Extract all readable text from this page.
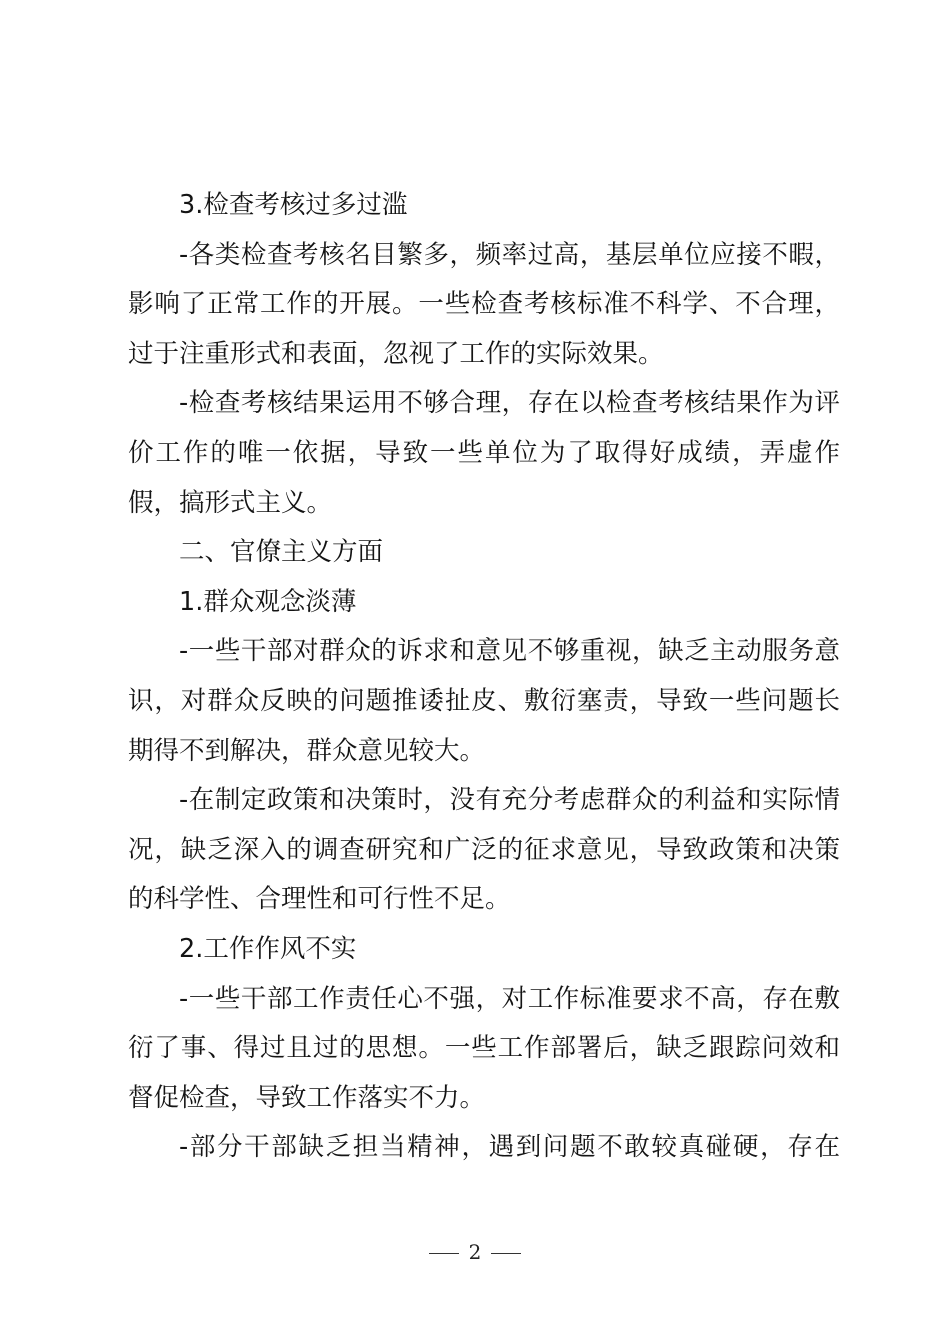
3.检查考核过多过滥

-各类检查考核名目繁多，频率过高，基层单位应接不暇，影响了正常工作的开展。一些检查考核标准不科学、不合理，过于注重形式和表面，忽视了工作的实际效果。

-检查考核结果运用不够合理，存在以检查考核结果作为评价工作的唯一依据，导致一些单位为了取得好成绩，弄虚作假，搞形式主义。

二、官僚主义方面

1.群众观念淡薄

-一些干部对群众的诉求和意见不够重视，缺乏主动服务意识，对群众反映的问题推诿扯皮、敷衍塞责，导致一些问题长期得不到解决，群众意见较大。

-在制定政策和决策时，没有充分考虑群众的利益和实际情况，缺乏深入的调查研究和广泛的征求意见，导致政策和决策的科学性、合理性和可行性不足。

2.工作作风不实

-一些干部工作责任心不强，对工作标准要求不高，存在敷衍了事、得过且过的思想。一些工作部署后，缺乏跟踪问效和督促检查，导致工作落实不力。

-部分干部缺乏担当精神，遇到问题不敢较真碰硬，存在

2
